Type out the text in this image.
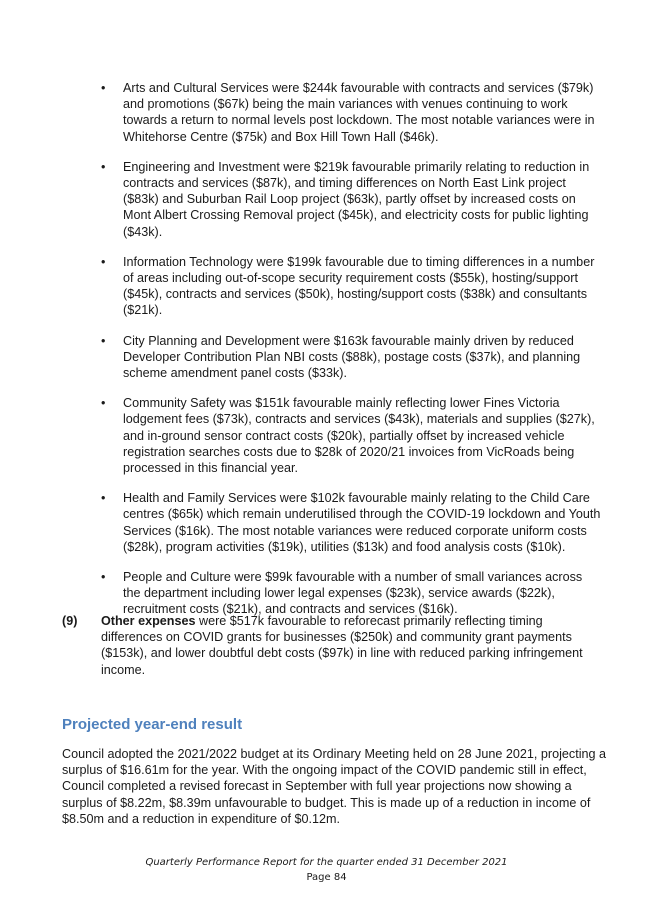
• Arts and Cultural Services were $244k favourable with contracts and services ($79k) and promotions ($67k) being the main variances with venues continuing to work towards a return to normal levels post lockdown. The most notable variances were in Whitehorse Centre ($75k) and Box Hill Town Hall ($46k).
• Engineering and Investment were $219k favourable primarily relating to reduction in contracts and services ($87k), and timing differences on North East Link project ($83k) and Suburban Rail Loop project ($63k), partly offset by increased costs on Mont Albert Crossing Removal project ($45k), and electricity costs for public lighting ($43k).
• Information Technology were $199k favourable due to timing differences in a number of areas including out-of-scope security requirement costs ($55k), hosting/support ($45k), contracts and services ($50k), hosting/support costs ($38k) and consultants ($21k).
• City Planning and Development were $163k favourable mainly driven by reduced Developer Contribution Plan NBI costs ($88k), postage costs ($37k), and planning scheme amendment panel costs ($33k).
• Community Safety was $151k favourable mainly reflecting lower Fines Victoria lodgement fees ($73k), contracts and services ($43k), materials and supplies ($27k), and in-ground sensor contract costs ($20k), partially offset by increased vehicle registration searches costs due to $28k of 2020/21 invoices from VicRoads being processed in this financial year.
• Health and Family Services were $102k favourable mainly relating to the Child Care centres ($65k) which remain underutilised through the COVID-19 lockdown and Youth Services ($16k). The most notable variances were reduced corporate uniform costs ($28k), program activities ($19k), utilities ($13k) and food analysis costs ($10k).
• People and Culture were $99k favourable with a number of small variances across the department including lower legal expenses ($23k), service awards ($22k), recruitment costs ($21k), and contracts and services ($16k).
(9) Other expenses were $517k favourable to reforecast primarily reflecting timing differences on COVID grants for businesses ($250k) and community grant payments ($153k), and lower doubtful debt costs ($97k) in line with reduced parking infringement income.
Projected year-end result

Council adopted the 2021/2022 budget at its Ordinary Meeting held on 28 June 2021, projecting a surplus of $16.61m for the year. With the ongoing impact of the COVID pandemic still in effect, Council completed a revised forecast in September with full year projections now showing a surplus of $8.22m, $8.39m unfavourable to budget. This is made up of a reduction in income of $8.50m and a reduction in expenditure of $0.12m.

Quarterly Performance Report for the quarter ended 31 December 2021
Page 84
